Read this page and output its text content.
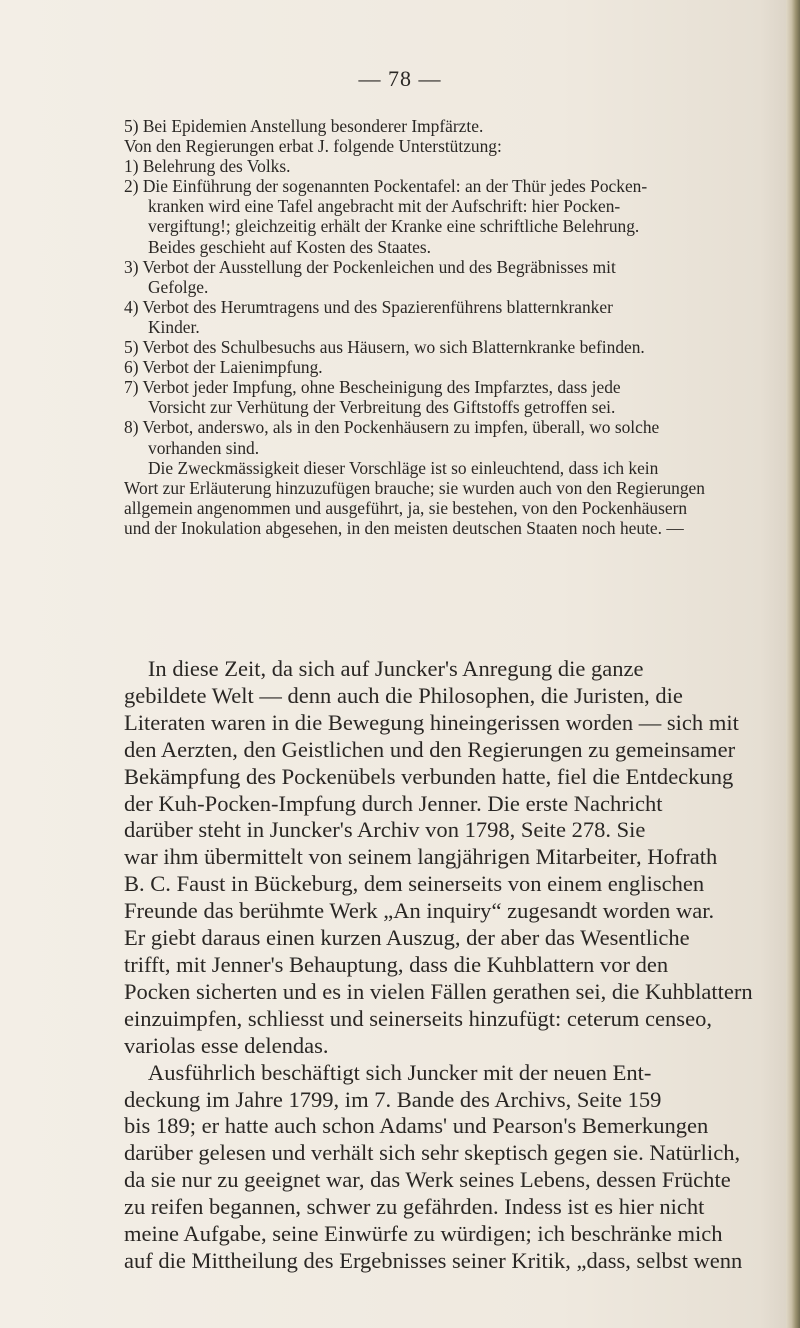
— 78 —
5) Bei Epidemien Anstellung besonderer Impfärzte.
Von den Regierungen erbat J. folgende Unterstützung:
1) Belehrung des Volks.
2) Die Einführung der sogenannten Pockentafel: an der Thür jedes Pocken-
kranken wird eine Tafel angebracht mit der Aufschrift: hier Pocken-
vergiftung!; gleichzeitig erhält der Kranke eine schriftliche Belehrung.
Beides geschieht auf Kosten des Staates.
3) Verbot der Ausstellung der Pockenleichen und des Begräbnisses mit
Gefolge.
4) Verbot des Herumtragens und des Spazierenführens blatternkranker
Kinder.
5) Verbot des Schulbesuchs aus Häusern, wo sich Blatternkranke befinden.
6) Verbot der Laienimpfung.
7) Verbot jeder Impfung, ohne Bescheinigung des Impfarztes, dass jede
Vorsicht zur Verhütung der Verbreitung des Giftstoffs getroffen sei.
8) Verbot, anderswo, als in den Pockenhäusern zu impfen, überall, wo solche
vorhanden sind.
Die Zweckmässigkeit dieser Vorschläge ist so einleuchtend, dass ich kein
Wort zur Erläuterung hinzuzufügen brauche; sie wurden auch von den Regierungen
allgemein angenommen und ausgeführt, ja, sie bestehen, von den Pockenhäusern
und der Inokulation abgesehen, in den meisten deutschen Staaten noch heute. —
In diese Zeit, da sich auf Juncker's Anregung die ganze
gebildete Welt — denn auch die Philosophen, die Juristen, die
Literaten waren in die Bewegung hineingerissen worden — sich mit
den Aerzten, den Geistlichen und den Regierungen zu gemeinsamer
Bekämpfung des Pockenübels verbunden hatte, fiel die Entdeckung
der Kuh-Pocken-Impfung durch Jenner. Die erste Nachricht
darüber steht in Juncker's Archiv von 1798, Seite 278. Sie
war ihm übermittelt von seinem langjährigen Mitarbeiter, Hofrath
B. C. Faust in Bückeburg, dem seinerseits von einem englischen
Freunde das berühmte Werk „An inquiry“ zugesandt worden war.
Er giebt daraus einen kurzen Auszug, der aber das Wesentliche
trifft, mit Jenner's Behauptung, dass die Kuhblattern vor den
Pocken sicherten und es in vielen Fällen gerathen sei, die Kuhblattern
einzuimpfen, schliesst und seinerseits hinzufügt: ceterum censeo,
variolas esse delendas.
Ausführlich beschäftigt sich Juncker mit der neuen Ent-
deckung im Jahre 1799, im 7. Bande des Archivs, Seite 159
bis 189; er hatte auch schon Adams' und Pearson's Bemerkungen
darüber gelesen und verhält sich sehr skeptisch gegen sie. Natürlich,
da sie nur zu geeignet war, das Werk seines Lebens, dessen Früchte
zu reifen begannen, schwer zu gefährden. Indess ist es hier nicht
meine Aufgabe, seine Einwürfe zu würdigen; ich beschränke mich
auf die Mittheilung des Ergebnisses seiner Kritik, „dass, selbst wenn
